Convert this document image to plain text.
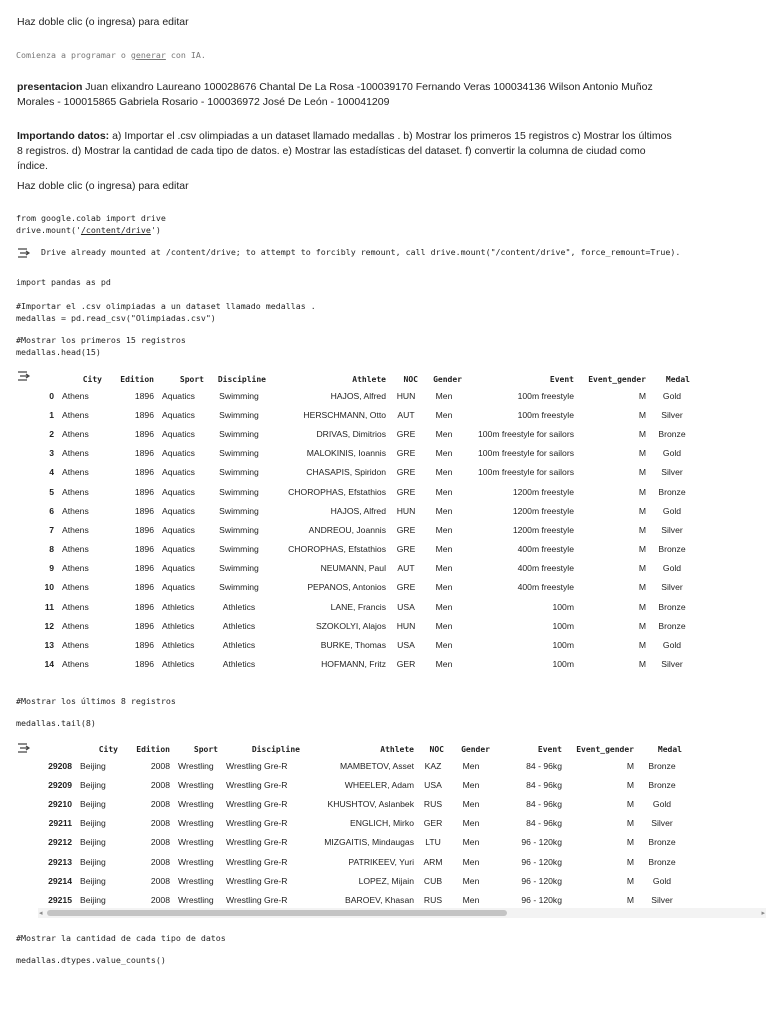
Haz doble clic (o ingresa) para editar
Comienza a programar o generar con IA.
presentacion Juan elixandro Laureano 100028676 Chantal De La Rosa -100039170 Fernando Veras 100034136 Wilson Antonio Muñoz Morales - 100015865 Gabriela Rosario - 100036972 José De León - 100041209
Importando datos: a) Importar el .csv olimpiadas a un dataset llamado medallas . b) Mostrar los primeros 15 registros c) Mostrar los últimos 8 registros. d) Mostrar la cantidad de cada tipo de datos. e) Mostrar las estadísticas del dataset. f) convertir la columna de ciudad como índice.
Haz doble clic (o ingresa) para editar
from google.colab import drive
drive.mount('/content/drive')
Drive already mounted at /content/drive; to attempt to forcibly remount, call drive.mount("/content/drive", force_remount=True).
import pandas as pd
#Importar el .csv olimpiadas a un dataset llamado medallas .
medallas = pd.read_csv("Olimpiadas.csv")
#Mostrar los primeros 15 registros
medallas.head(15)
	City	Edition	Sport	Discipline	Athlete	NOC	Gender	Event	Event_gender	Medal
0	Athens	1896	Aquatics	Swimming	HAJOS, Alfred	HUN	Men	100m freestyle	M	Gold
1	Athens	1896	Aquatics	Swimming	HERSCHMANN, Otto	AUT	Men	100m freestyle	M	Silver
2	Athens	1896	Aquatics	Swimming	DRIVAS, Dimitrios	GRE	Men	100m freestyle for sailors	M	Bronze
3	Athens	1896	Aquatics	Swimming	MALOKINIS, Ioannis	GRE	Men	100m freestyle for sailors	M	Gold
4	Athens	1896	Aquatics	Swimming	CHASAPIS, Spiridon	GRE	Men	100m freestyle for sailors	M	Silver
5	Athens	1896	Aquatics	Swimming	CHOROPHAS, Efstathios	GRE	Men	1200m freestyle	M	Bronze
6	Athens	1896	Aquatics	Swimming	HAJOS, Alfred	HUN	Men	1200m freestyle	M	Gold
7	Athens	1896	Aquatics	Swimming	ANDREOU, Joannis	GRE	Men	1200m freestyle	M	Silver
8	Athens	1896	Aquatics	Swimming	CHOROPHAS, Efstathios	GRE	Men	400m freestyle	M	Bronze
9	Athens	1896	Aquatics	Swimming	NEUMANN, Paul	AUT	Men	400m freestyle	M	Gold
10	Athens	1896	Aquatics	Swimming	PEPANOS, Antonios	GRE	Men	400m freestyle	M	Silver
11	Athens	1896	Athletics	Athletics	LANE, Francis	USA	Men	100m	M	Bronze
12	Athens	1896	Athletics	Athletics	SZOKOLYI, Alajos	HUN	Men	100m	M	Bronze
13	Athens	1896	Athletics	Athletics	BURKE, Thomas	USA	Men	100m	M	Gold
14	Athens	1896	Athletics	Athletics	HOFMANN, Fritz	GER	Men	100m	M	Silver
#Mostrar los últimos 8 registros
medallas.tail(8)
	City	Edition	Sport	Discipline	Athlete	NOC	Gender	Event	Event_gender	Medal
29208	Beijing	2008	Wrestling	Wrestling Gre-R	MAMBETOV, Asset	KAZ	Men	84 - 96kg	M	Bronze
29209	Beijing	2008	Wrestling	Wrestling Gre-R	WHEELER, Adam	USA	Men	84 - 96kg	M	Bronze
29210	Beijing	2008	Wrestling	Wrestling Gre-R	KHUSHTOV, Aslanbek	RUS	Men	84 - 96kg	M	Gold
29211	Beijing	2008	Wrestling	Wrestling Gre-R	ENGLICH, Mirko	GER	Men	84 - 96kg	M	Silver
29212	Beijing	2008	Wrestling	Wrestling Gre-R	MIZGAITIS, Mindaugas	LTU	Men	96 - 120kg	M	Bronze
29213	Beijing	2008	Wrestling	Wrestling Gre-R	PATRIKEEV, Yuri	ARM	Men	96 - 120kg	M	Bronze
29214	Beijing	2008	Wrestling	Wrestling Gre-R	LOPEZ, Mijain	CUB	Men	96 - 120kg	M	Gold
29215	Beijing	2008	Wrestling	Wrestling Gre-R	BAROEV, Khasan	RUS	Men	96 - 120kg	M	Silver
◂	▸
#Mostrar la cantidad de cada tipo de datos
medallas.dtypes.value_counts()
